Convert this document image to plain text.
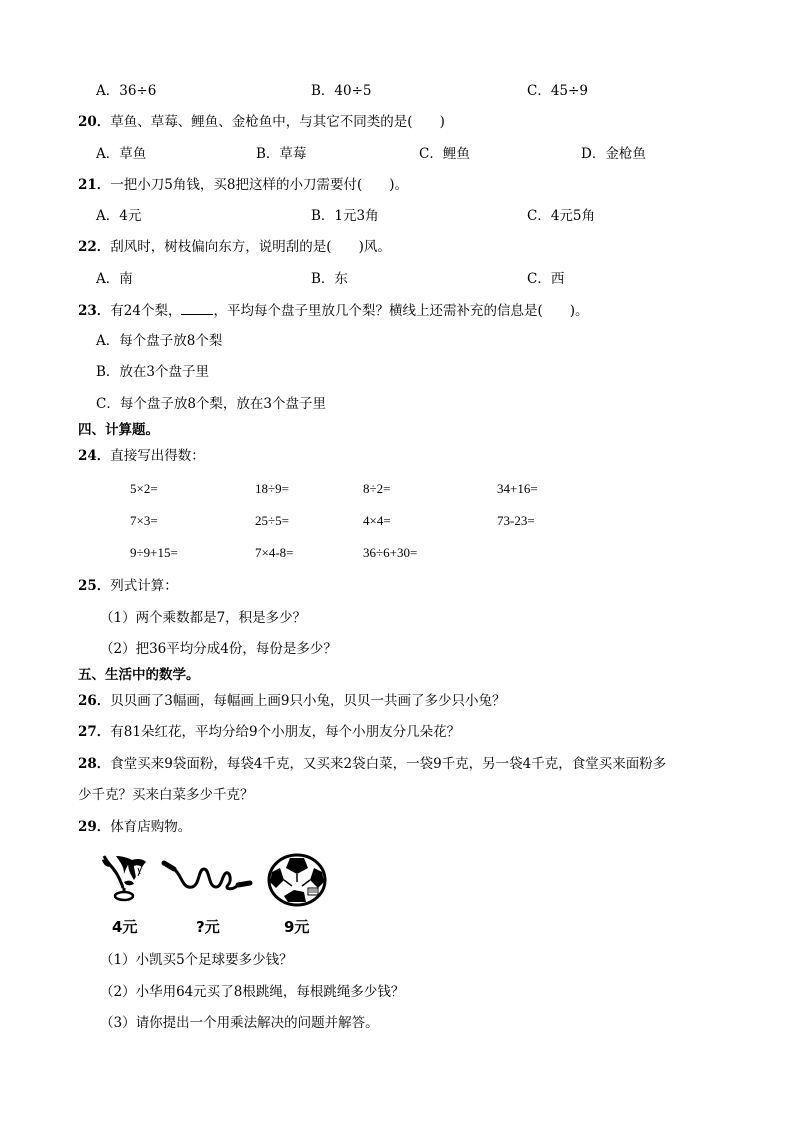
A．36÷6	B．40÷5	C．45÷9
20．草鱼、草莓、鲤鱼、金枪鱼中，与其它不同类的是(　　)
A．草鱼	B．草莓	C．鲤鱼	D．金枪鱼
21．一把小刀5角钱，买8把这样的小刀需要付(　　)。
A．4元	B．1元3角	C．4元5角
22．刮风时，树枝偏向东方，说明刮的是(　　)风。
A．南	B．东	C．西
23．有24个梨， ，平均每个盘子里放几个梨？横线上还需补充的信息是(　　)。
A．每个盘子放8个梨
B．放在3个盘子里
C．每个盘子放8个梨，放在3个盘子里
四、计算题。
24．直接写出得数：
5×2=	18÷9=	8÷2=	34+16=
7×3=	25÷5=	4×4=	73-23=
9÷9+15=	7×4-8=	36÷6+30=
25．列式计算：
（1）两个乘数都是7，积是多少？
（2）把36平均分成4份，每份是多少？
五、生活中的数学。
26．贝贝画了3幅画，每幅画上画9只小兔，贝贝一共画了多少只小兔？
27．有81朵红花，平均分给9个小朋友，每个小朋友分几朵花？
28．食堂买来9袋面粉，每袋4千克，又买来2袋白菜，一袋9千克，另一袋4千克，食堂买来面粉多
少千克？买来白菜多少千克？
29．体育店购物。
4元	?元	9元
（1）小凯买5个足球要多少钱？
（2）小华用64元买了8根跳绳，每根跳绳多少钱？
（3）请你提出一个用乘法解决的问题并解答。
